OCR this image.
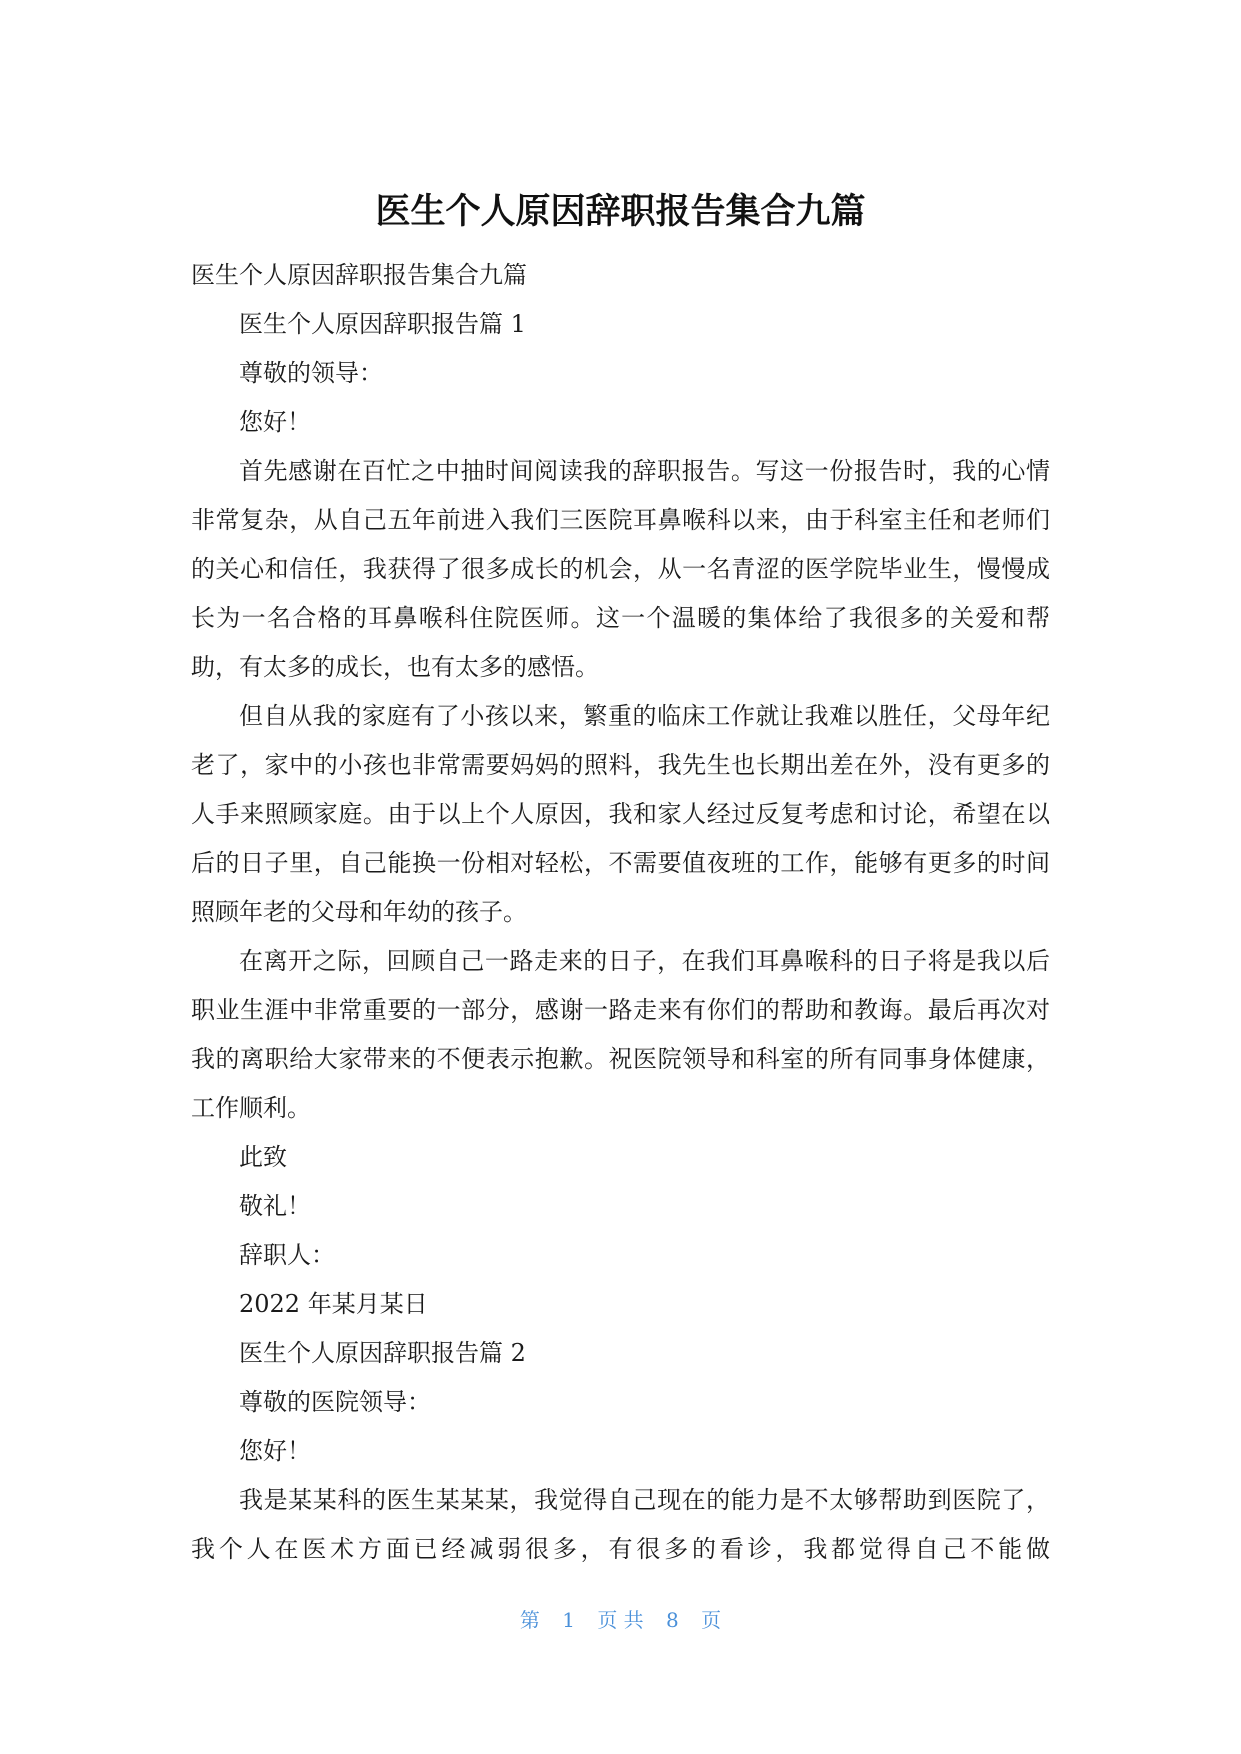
医生个人原因辞职报告集合九篇

医生个人原因辞职报告集合九篇

医生个人原因辞职报告篇 1

尊敬的领导：

您好！

首先感谢在百忙之中抽时间阅读我的辞职报告。写这一份报告时，我的心情非常复杂，从自己五年前进入我们三医院耳鼻喉科以来，由于科室主任和老师们的关心和信任，我获得了很多成长的机会，从一名青涩的医学院毕业生，慢慢成长为一名合格的耳鼻喉科住院医师。这一个温暖的集体给了我很多的关爱和帮助，有太多的成长，也有太多的感悟。

但自从我的家庭有了小孩以来，繁重的临床工作就让我难以胜任，父母年纪老了，家中的小孩也非常需要妈妈的照料，我先生也长期出差在外，没有更多的人手来照顾家庭。由于以上个人原因，我和家人经过反复考虑和讨论，希望在以后的日子里，自己能换一份相对轻松，不需要值夜班的工作，能够有更多的时间照顾年老的父母和年幼的孩子。

在离开之际，回顾自己一路走来的日子，在我们耳鼻喉科的日子将是我以后职业生涯中非常重要的一部分，感谢一路走来有你们的帮助和教诲。最后再次对我的离职给大家带来的不便表示抱歉。祝医院领导和科室的所有同事身体健康，工作顺利。

此致

敬礼！

辞职人：

2022 年某月某日

医生个人原因辞职报告篇 2

尊敬的医院领导：

您好！

我是某某科的医生某某某，我觉得自己现在的能力是不太够帮助到医院了，我个人在医术方面已经减弱很多，有很多的看诊，我都觉得自己不能做

第 1 页 共 8 页
